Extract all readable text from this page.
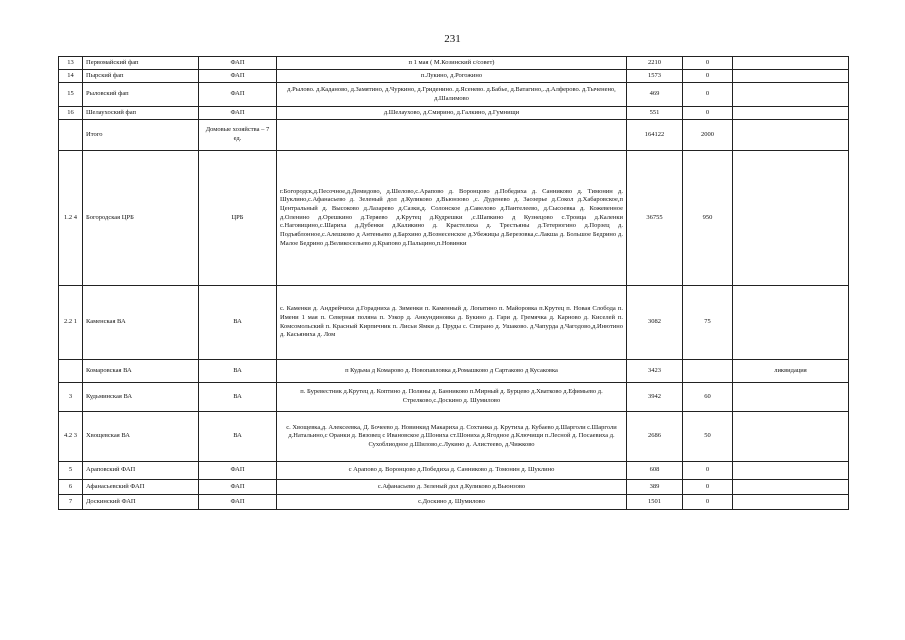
231
13	Первомайский фап	ФАП	п 1 мая ( М.Козинский с/совет)	2210	0	
14	Пырский фап	ФАП	п.Лукино, д.Рогожино	1573	0	
15	Рыловский фап	ФАП	д.Рылово. д.Каданово, д.Замятино, д.Чуркино, д.Гриденино. д.Ясенево. д.Бабье, д.Ватагино,..д.Алферово. д.Тыченено, д.Шалимово	469	0	
16	Шелаухоский фап	ФАП	д.Шелаухово, д.Смирино, д.Галкино, д.Гумнищи	551	0	
	Итого	Домовые хозяйства – 7 ед.		164122	2000	
1.2 4	Богородская ЦРБ	ЦРБ	г.Богородск,д.Песочное,д.Демидово, д.Шелово,с.Арапово д. Воронцово д.Победиха д. Санниково д. Тимонин д. Шуклино,с.Афанасьево д. Зеленый дол д.Куликово д.Вьюнзово ,с. Дуденево д. Заозерье д.Сокол д.Хабаровское,п Центральный д. Высоково д.Лазарево д.Сазки,д. Солонское д.Савелово д.Пантелеево, д.Сысоевка д. Кожевенное д.Оленино д.Орешкино д.Теряево д.Крутец д.Кудрешки ,с.Шапкино д Кузнецово с.Троица д.Каленки с.Наговицино,с.Шариха д.Дубенки д.Каликино д. Крастелиха д. Трестьяны д.Тетерюгино д.Порзец д. Подъяблонное,с.Алешково д Антеньево д.Бархино д.Вознесенское д.Убежицы д.Березовка,с.Лакша д. Большое Бедрино д. Малое Бедрино д.Великосельево д.Крапово д.Пальцино,п.Новинки	36755	950	
2.2 1	Каменская ВА	ВА	с. Каменки д. Андрейчиха д.Горадниха д. Зименки п. Каменный д. Лопатино п. Майоровка п.Крутец п. Новая Слобода п. Имени 1 мая п. Северная поляна п. Узкор д. Анкундиновка д. Букино д. Гари д. Гремячка д. Карново д. Киселей п. Комсомольский п. Красный Кирпичник п. Лисьи Ямки д. Пруды с. Спирано д. Ушаково. д.Чапурда д.Чагодово,д.Инютино д. Касьяниха д. Лом	3082	75	
	Комаровская ВА	ВА	п Кудьма д Комарово д. Новопавловка д.Ромашково д Сартаково д Кусаковка	3423		ликвидация
3	Кудьминская ВА	ВА	п. Буревестник д.Крутец д. Коптино д. Поляны д. Банниково п.Мирный д. Бурцево д.Хватково д.Ефимьево д. Стрелково,с.Доскино д. Шумилово	3942	60	
4.2 3	Хвощевская ВА	ВА	с. Хвощевка,д. Алексеевка, Д. Бочеево д. Новинкид Макариха д. Сохтанка д. Крутиха д. Кубаево д.Шарголи с.Шарголи д.Натальино,с Оранки д. Вязовец с Ивановское д.Шониха ст.Шониха д.Ягодное д.Ключищи п.Лесной д. Посаевиха д. Сухоблиодное д.Шилово,с.Лукино д. Алистеево, д.Чижково	2686	50	
5	Араповский ФАП	ФАП	с Арапово д. Воронцово д.Победиха д. Санниково д. Томонин д. Шуклино	608	0	
6	Афанасьевский ФАП	ФАП	с.Афанасьево д. Зеленый дол д.Куликово д.Вьюнзово	389	0	
7	Доскинский ФАП	ФАП	с.Доскино д. Шумилово	1501	0	
